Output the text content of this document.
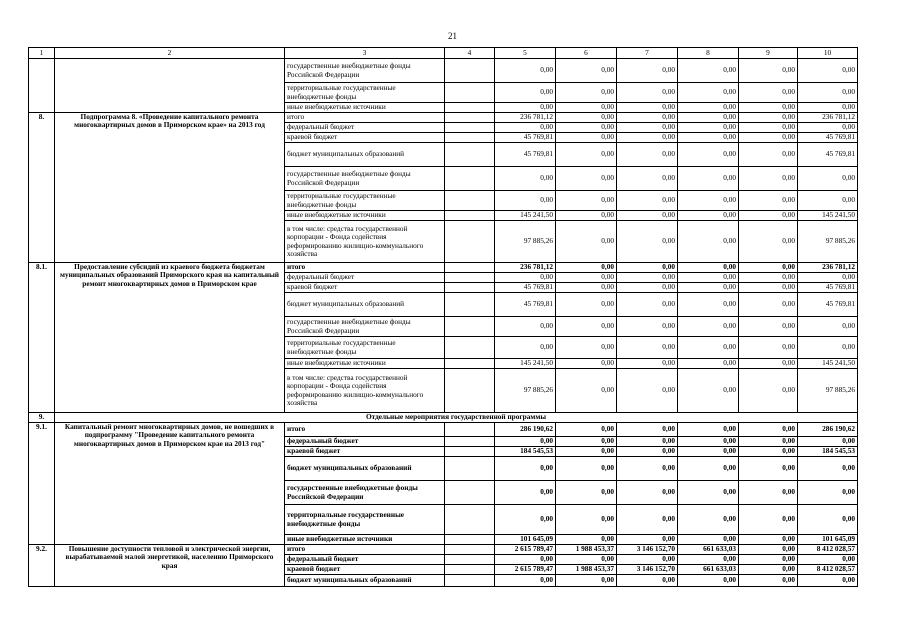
21
1	2	3	4	5	6	7	8	9	10
		государственные внебюджетные фонды Российской Федерации		0,00	0,00	0,00	0,00	0,00	0,00
		территориальные государственные внебюджетные фонды		0,00	0,00	0,00	0,00	0,00	0,00
		иные внебюджетные источники		0,00	0,00	0,00	0,00	0,00	0,00
8.	Подпрограмма 8. «Проведение капитального ремонта многоквартирных домов в Приморском крае» на 2013 год	итого		236 781,12	0,00	0,00	0,00	0,00	236 781,12
		федеральный бюджет		0,00	0,00	0,00	0,00	0,00	0,00
		краевой бюджет		45 769,81	0,00	0,00	0,00	0,00	45 769,81
		бюджет муниципальных образований		45 769,81	0,00	0,00	0,00	0,00	45 769,81
		государственные внебюджетные фонды Российской Федерации		0,00	0,00	0,00	0,00	0,00	0,00
		территориальные государственные внебюджетные фонды		0,00	0,00	0,00	0,00	0,00	0,00
		иные внебюджетные источники		145 241,50	0,00	0,00	0,00	0,00	145 241,50
		в том числе: средства государственной корпорации - Фонда содействия реформированию жилищно-коммунального хозяйства		97 885,26	0,00	0,00	0,00	0,00	97 885,26
8.1.	Предоставление субсидий из краевого бюджета бюджетам муниципальных образований Приморского края на капитальный ремонт многоквартирных домов в Приморском крае	итого		236 781,12	0,00	0,00	0,00	0,00	236 781,12
		федеральный бюджет		0,00	0,00	0,00	0,00	0,00	0,00
		краевой бюджет		45 769,81	0,00	0,00	0,00	0,00	45 769,81
		бюджет муниципальных образований		45 769,81	0,00	0,00	0,00	0,00	45 769,81
		государственные внебюджетные фонды Российской Федерации		0,00	0,00	0,00	0,00	0,00	0,00
		территориальные государственные внебюджетные фонды		0,00	0,00	0,00	0,00	0,00	0,00
		иные внебюджетные источники		145 241,50	0,00	0,00	0,00	0,00	145 241,50
		в том числе: средства государственной корпорации - Фонда содействия реформированию жилищно-коммунального хозяйства		97 885,26	0,00	0,00	0,00	0,00	97 885,26
9.	Отдельные мероприятия государственной программы								
9.1.	Капитальный ремонт многоквартирных домов, не вошедших в подпрограмму "Проведение капитального ремонта многоквартирных домов в Приморском крае на 2013 год"	итого		286 190,62	0,00	0,00	0,00	0,00	286 190,62
		федеральный бюджет		0,00	0,00	0,00	0,00	0,00	0,00
		краевой бюджет		184 545,53	0,00	0,00	0,00	0,00	184 545,53
		бюджет муниципальных образований		0,00	0,00	0,00	0,00	0,00	0,00
		государственные внебюджетные фонды Российской Федерации		0,00	0,00	0,00	0,00	0,00	0,00
		территориальные государственные внебюджетные фонды		0,00	0,00	0,00	0,00	0,00	0,00
		иные внебюджетные источники		101 645,09	0,00	0,00	0,00	0,00	101 645,09
9.2.	Повышение доступности тепловой и электрической энергии, вырабатываемой малой энергетикой, населению Приморского края	итого		2 615 789,47	1 988 453,37	3 146 152,70	661 633,03	0,00	8 412 028,57
		федеральный бюджет		0,00	0,00	0,00	0,00	0,00	0,00
		краевой бюджет		2 615 789,47	1 988 453,37	3 146 152,70	661 633,03	0,00	8 412 028,57
		бюджет муниципальных образований		0,00	0,00	0,00	0,00	0,00	0,00
